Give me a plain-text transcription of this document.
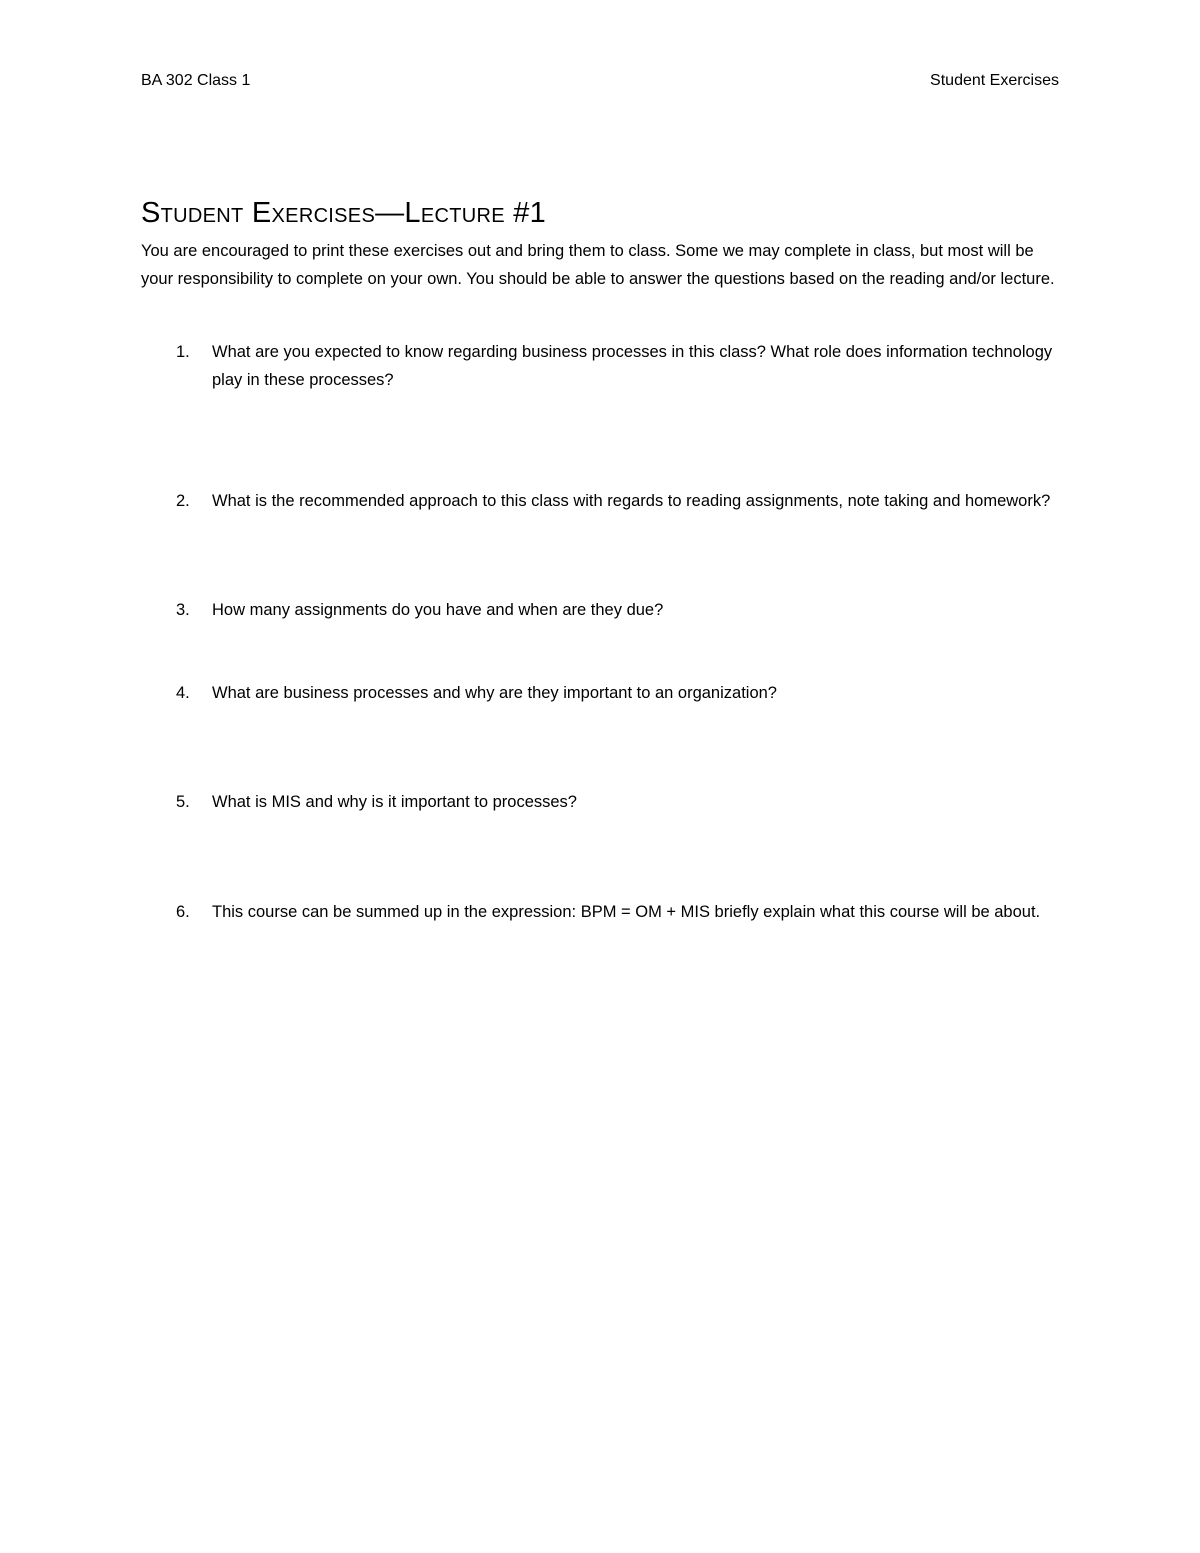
BA 302 Class 1	Student Exercises
Student Exercises—Lecture #1

You are encouraged to print these exercises out and bring them to class. Some we may complete in class, but most will be your responsibility to complete on your own. You should be able to answer the questions based on the reading and/or lecture.

1. What are you expected to know regarding business processes in this class? What role does information technology play in these processes?
2. What is the recommended approach to this class with regards to reading assignments, note taking and homework?
3. How many assignments do you have and when are they due?
4. What are business processes and why are they important to an organization?
5. What is MIS and why is it important to processes?
6. This course can be summed up in the expression: BPM = OM + MIS briefly explain what this course will be about.
